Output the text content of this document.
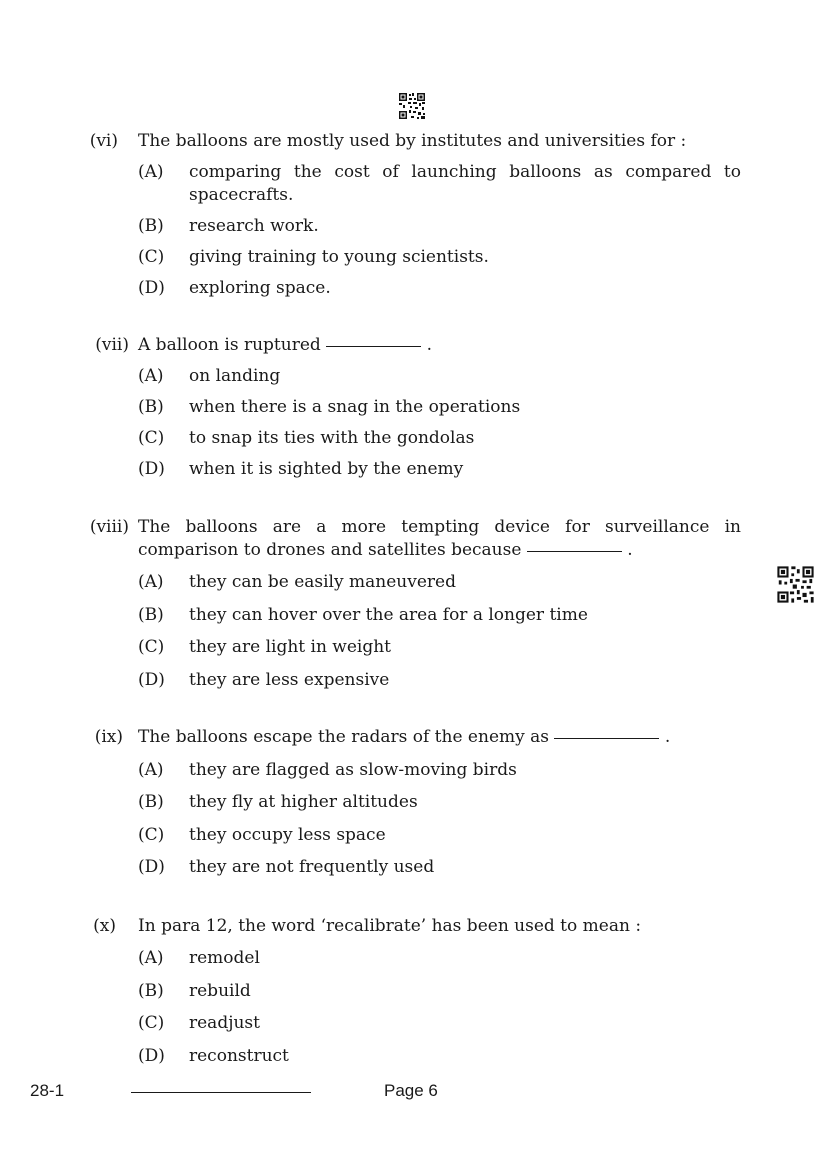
(vi) The balloons are mostly used by institutes and universities for :
(A)	comparing the cost of launching balloons as compared to spacecrafts.
(B)	research work.
(C)	giving training to young scientists.
(D)	exploring space.
(vii) A balloon is ruptured	.
(A)	on landing
(B)	when there is a snag in the operations
(C)	to snap its ties with the gondolas
(D)	when it is sighted by the enemy
(viii) The balloons are a more tempting device for surveillance in comparison to drones and satellites because	.
(A)	they can be easily maneuvered
(B)	they can hover over the area for a longer time
(C)	they are light in weight
(D)	they are less expensive
(ix) The balloons escape the radars of the enemy as	.
(A)	they are flagged as slow-moving birds
(B)	they fly at higher altitudes
(C)	they occupy less space
(D)	they are not frequently used
(x) In para 12, the word ‘recalibrate’ has been used to mean :
(A)	remodel
(B)	rebuild
(C)	readjust
(D)	reconstruct
28-1	Page 6
